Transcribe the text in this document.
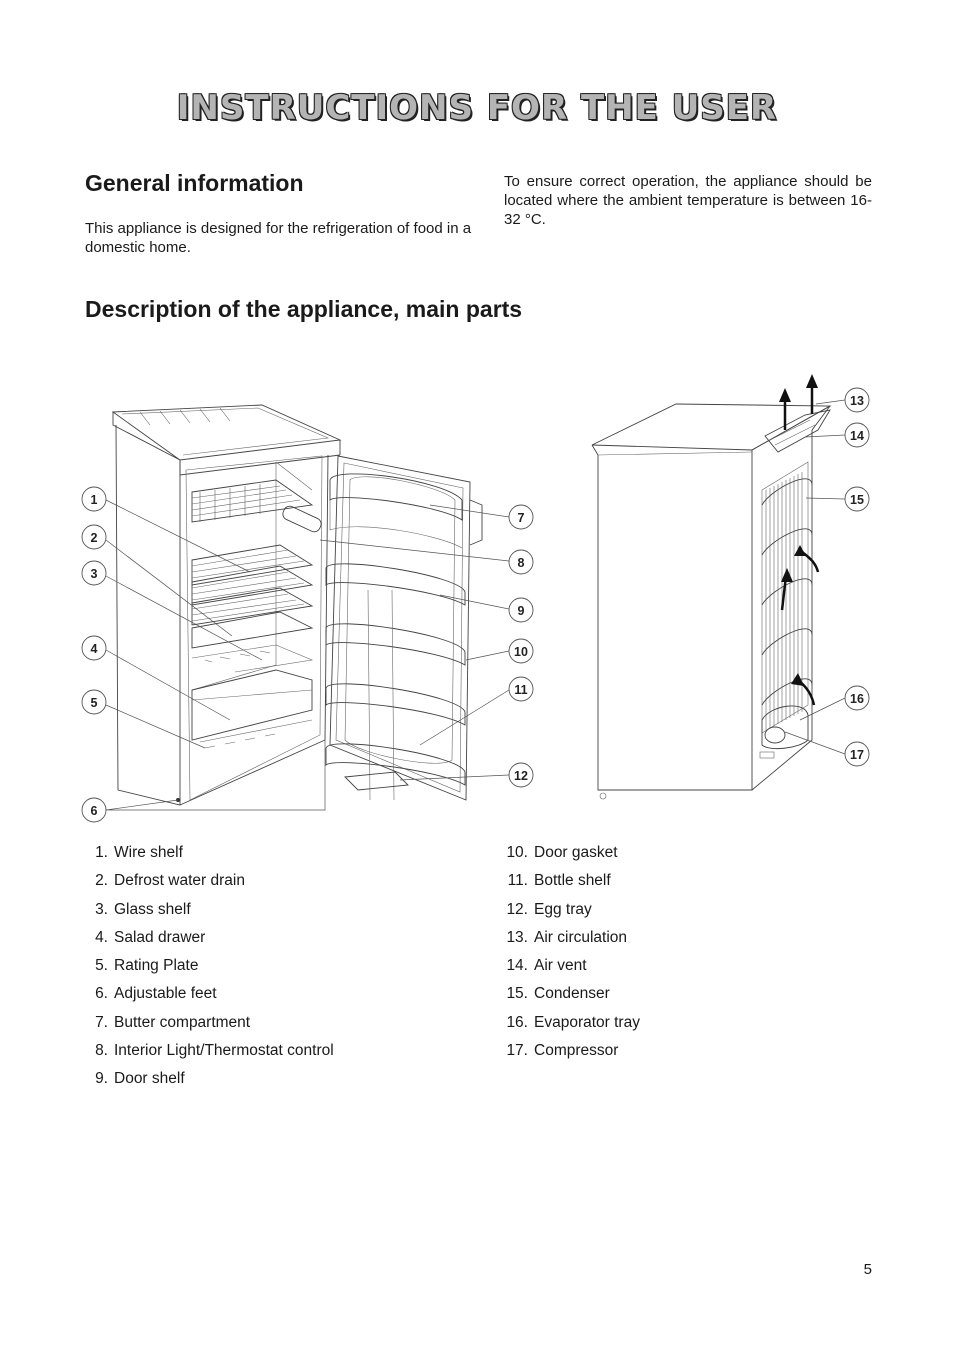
INSTRUCTIONS FOR THE USER
General information

This appliance is designed for the refrigeration of food in a domestic home.

To ensure correct operation, the appliance should be located where the ambient temperature is between 16-32 °C.

Description of the appliance, main parts
1
2
3
4
5
6
7
8
9
10
11
12
13
14
15
16
17
1. Wire shelf
2. Defrost water drain
3. Glass shelf
4. Salad drawer
5. Rating Plate
6. Adjustable feet
7. Butter compartment
8. Interior Light/Thermostat control
9. Door shelf
10. Door gasket
11. Bottle shelf
12. Egg tray
13. Air circulation
14. Air vent
15. Condenser
16. Evaporator tray
17. Compressor
5
